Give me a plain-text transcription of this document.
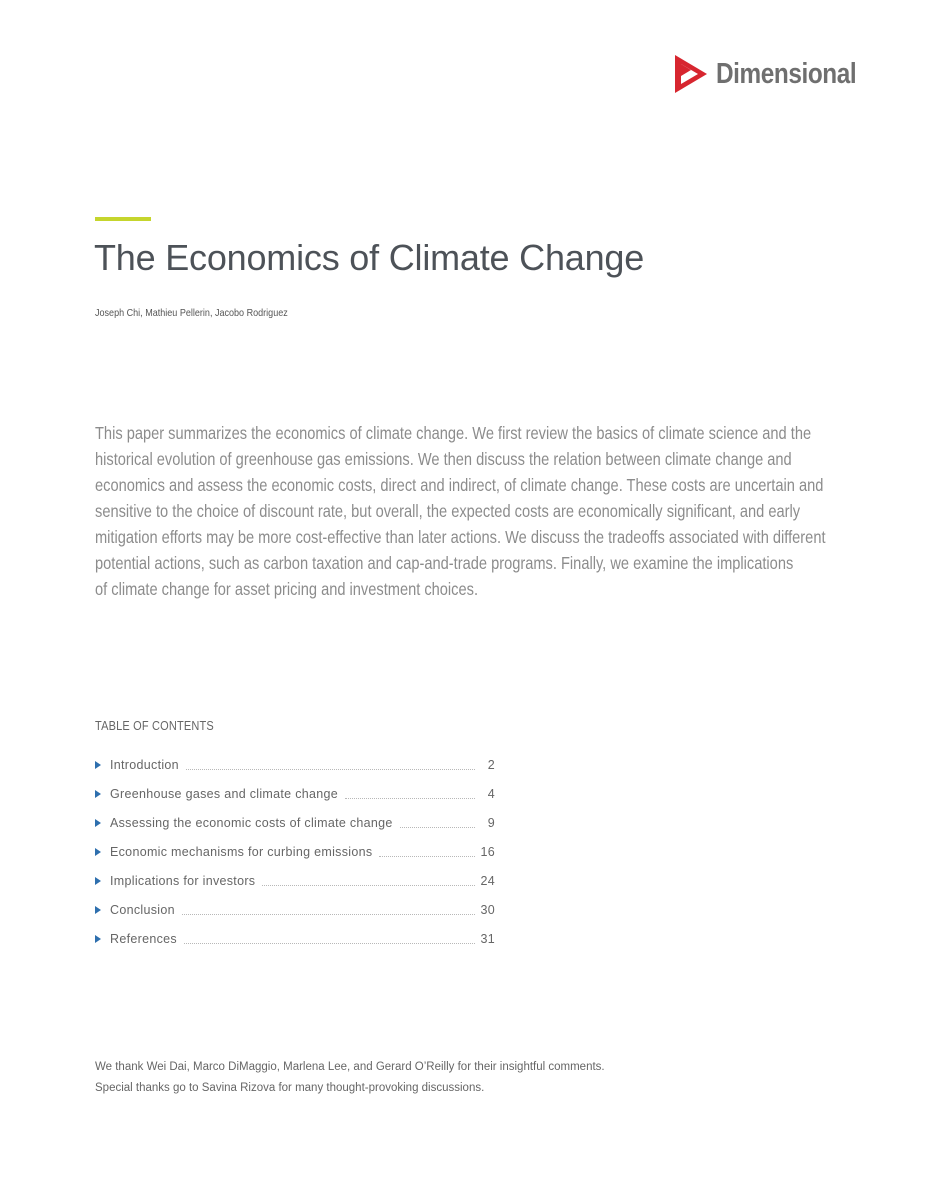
Dimensional
The Economics of Climate Change
Joseph Chi, Mathieu Pellerin, Jacobo Rodriguez

This paper summarizes the economics of climate change. We first review the basics of climate science and the
historical evolution of greenhouse gas emissions. We then discuss the relation between climate change and
economics and assess the economic costs, direct and indirect, of climate change. These costs are uncertain and
sensitive to the choice of discount rate, but overall, the expected costs are economically significant, and early
mitigation efforts may be more cost-effective than later actions. We discuss the tradeoffs associated with different
potential actions, such as carbon taxation and cap-and-trade programs. Finally, we examine the implications
of climate change for asset pricing and investment choices.

TABLE OF CONTENTS
Introduction	2
Greenhouse gases and climate change	4
Assessing the economic costs of climate change	9
Economic mechanisms for curbing emissions	16
Implications for investors	24
Conclusion	30
References	31
We thank Wei Dai, Marco DiMaggio, Marlena Lee, and Gerard O’Reilly for their insightful comments.
Special thanks go to Savina Rizova for many thought-provoking discussions.
